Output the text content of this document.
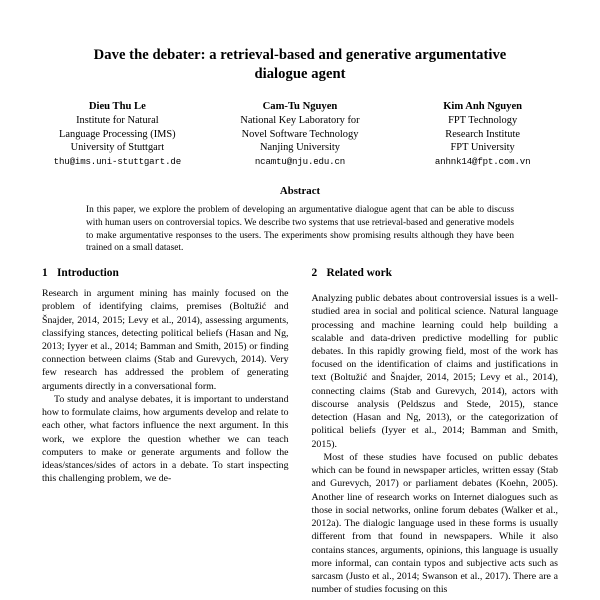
Dave the debater: a retrieval-based and generative argumentative dialogue agent
Dieu Thu Le
Institute for Natural
Language Processing (IMS)
University of Stuttgart
thu@ims.uni-stuttgart.de
Cam-Tu Nguyen
National Key Laboratory for
Novel Software Technology
Nanjing University
ncamtu@nju.edu.cn
Kim Anh Nguyen
FPT Technology
Research Institute
FPT University
anhnk14@fpt.com.vn
Abstract
In this paper, we explore the problem of developing an argumentative dialogue agent that can be able to discuss with human users on controversial topics. We describe two systems that use retrieval-based and generative models to make argumentative responses to the users. The experiments show promising results although they have been trained on a small dataset.
1 Introduction

Research in argument mining has mainly focused on the problem of identifying claims, premises (Boltužić and Šnajder, 2014, 2015; Levy et al., 2014), assessing arguments, classifying stances, detecting political beliefs (Hasan and Ng, 2013; Iyyer et al., 2014; Bamman and Smith, 2015) or finding connection between claims (Stab and Gurevych, 2014). Very few research has addressed the problem of generating arguments directly in a conversational form.

To study and analyse debates, it is important to understand how to formulate claims, how arguments develop and relate to each other, what factors influence the next argument. In this work, we explore the question whether we can teach computers to make or generate arguments and follow the ideas/stances/sides of actors in a debate. To start inspecting this challenging problem, we de-

2 Related work

Analyzing public debates about controversial issues is a well-studied area in social and political science. Natural language processing and machine learning could help building a scalable and data-driven predictive modelling for public debates. In this rapidly growing field, most of the work has focused on the identification of claims and justifications in text (Boltužić and Šnajder, 2014, 2015; Levy et al., 2014), connecting claims (Stab and Gurevych, 2014), actors with discourse analysis (Peldszus and Stede, 2015), stance detection (Hasan and Ng, 2013), or the categorization of political beliefs (Iyyer et al., 2014; Bamman and Smith, 2015).

Most of these studies have focused on public debates which can be found in newspaper articles, written essay (Stab and Gurevych, 2017) or parliament debates (Koehn, 2005). Another line of research works on Internet dialogues such as those in social networks, online forum debates (Walker et al., 2012a). The dialogic language used in these forms is usually different from that found in newspapers. While it also contains stances, arguments, opinions, this language is usually more informal, can contain typos and subjective acts such as sarcasm (Justo et al., 2014; Swanson et al., 2017). There are a number of studies focusing on this
